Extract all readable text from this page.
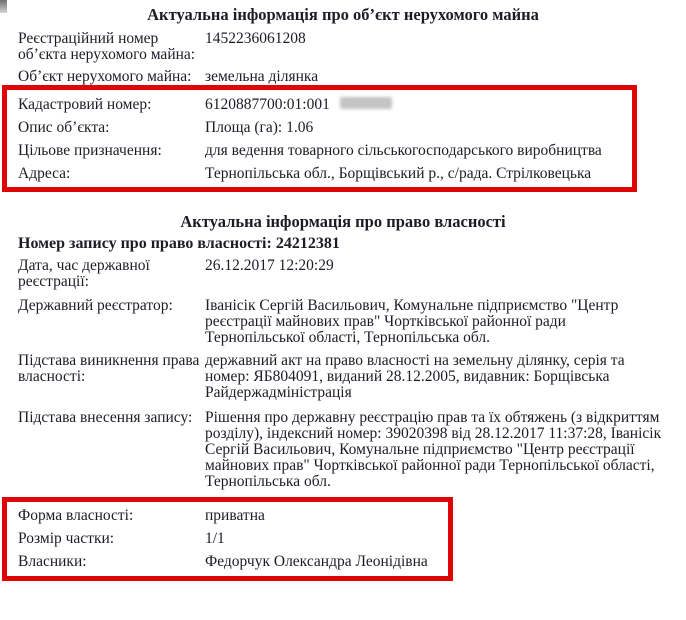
Актуальна інформація про об’єкт нерухомого майна
Реєстраційний номер об’єкта нерухомого майна:
1452236061208
Об’єкт нерухомого майна: земельна ділянка
Кадастровий номер:	6120887700:01:001
Опис об’єкта:	Площа (га): 1.06
Цільове призначення:	для ведення товарного сільськогосподарського виробництва
Адреса:	Тернопільська обл., Борщівський р., с/рада. Стрілковецька
Актуальна інформація про право власності
Номер запису про право власності: 24212381
Дата, час державної реєстрації:
26.12.2017 12:20:29
Державний реєстратор:	Іванісік Сергій Васильович, Комунальне підприємство "Центр реєстрації майнових прав" Чортківської районної ради Тернопільської області, Тернопільська обл.
Підстава виникнення права власності:
державний акт на право власності на земельну ділянку, серія та номер: ЯБ804091, виданий 28.12.2005, видавник: Борщівська Райдержадміністрація
Підстава внесення запису: Рішення про державну реєстрацію прав та їх обтяжень (з відкриттям розділу), індексний номер: 39020398 від 28.12.2017 11:37:28, Іванісік Сергій Васильович, Комунальне підприємство "Центр реєстрації майнових прав" Чортківської районної ради Тернопільської області, Тернопільська обл.
Форма власності:	приватна
Розмір частки:	1/1
Власники:	Федорчук Олександра Леонідівна
